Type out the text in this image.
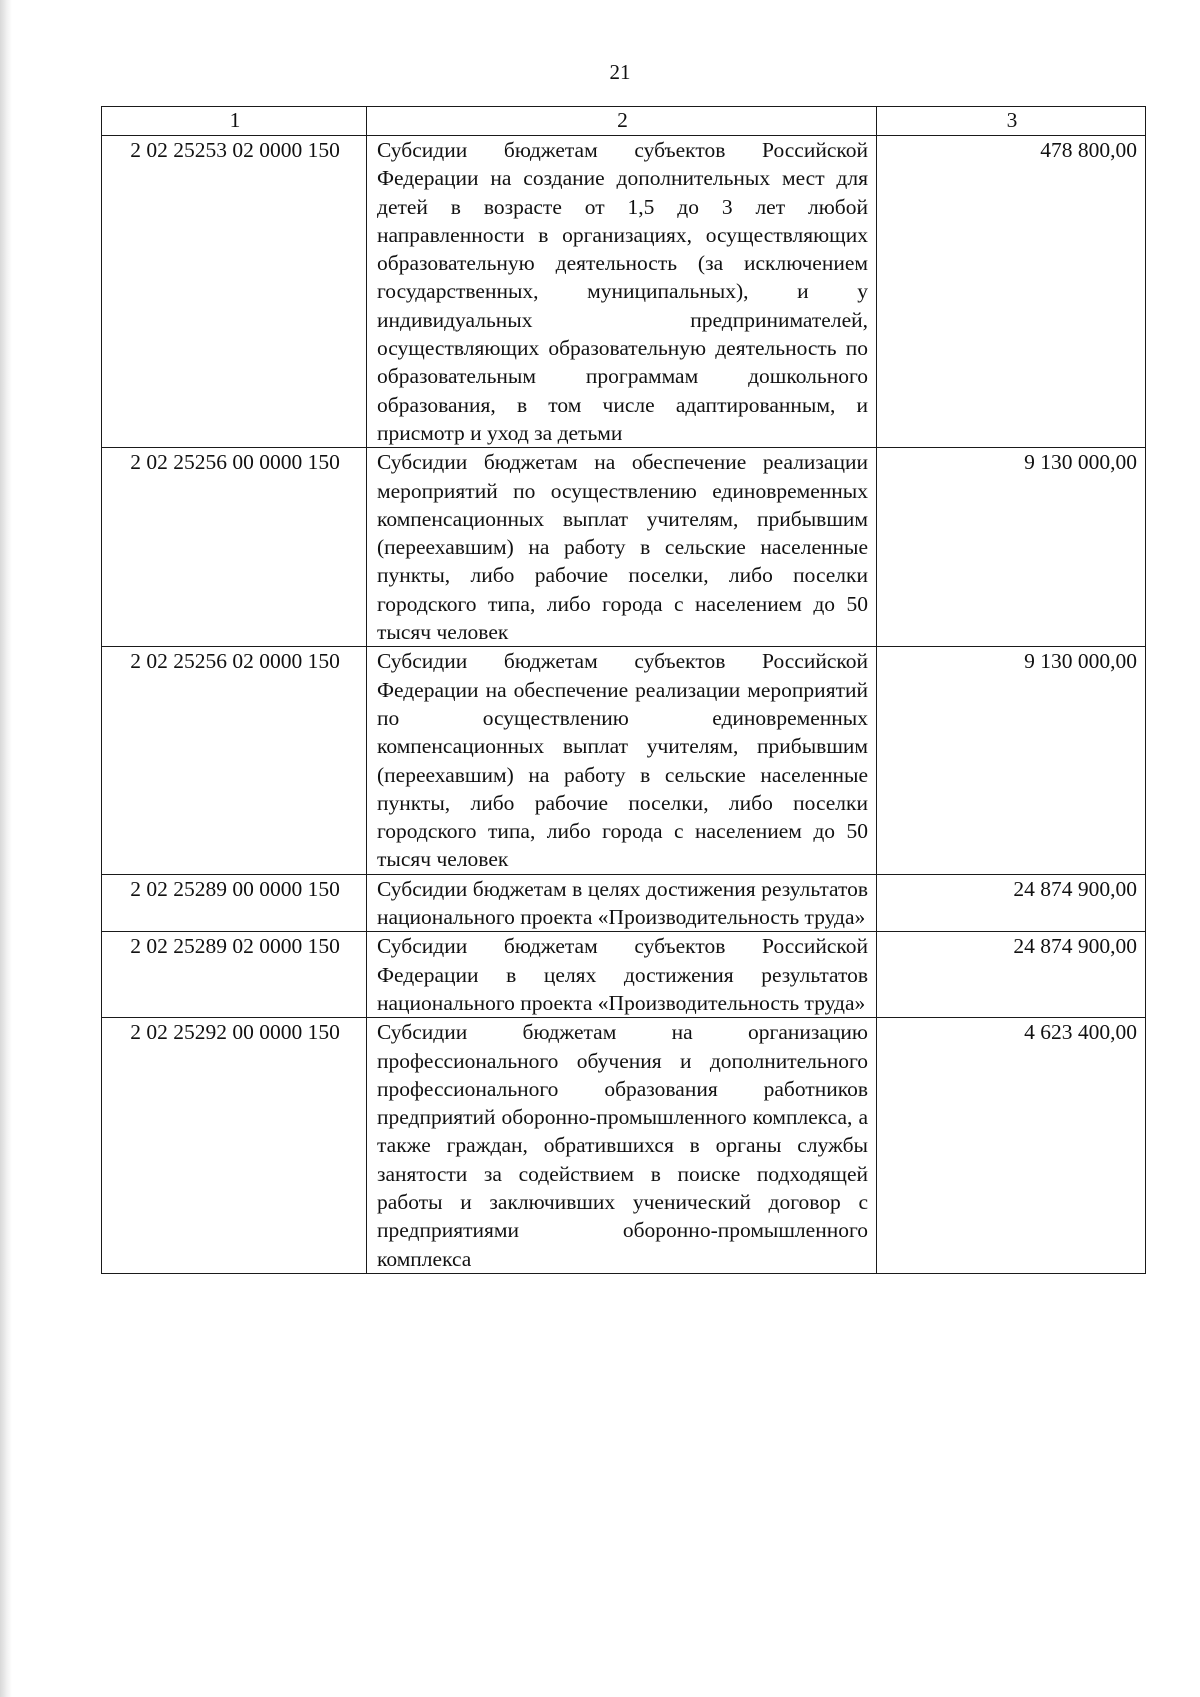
21
1	2	3
2 02 25253 02 0000 150	Субсидии бюджетам субъектов Российской Федерации на создание дополнительных мест для детей в возрасте от 1,5 до 3 лет любой направленности в организациях, осуществляющих образовательную деятельность (за исключением государственных, муниципальных), и у индивидуальных предпринимателей, осуществляющих образовательную деятельность по образовательным программам дошкольного образования, в том числе адаптированным, и присмотр и уход за детьми	478 800,00
2 02 25256 00 0000 150	Субсидии бюджетам на обеспечение реализации мероприятий по осуществлению единовременных компенсационных выплат учителям, прибывшим (переехавшим) на работу в сельские населенные пункты, либо рабочие поселки, либо поселки городского типа, либо города с населением до 50 тысяч человек	9 130 000,00
2 02 25256 02 0000 150	Субсидии бюджетам субъектов Российской Федерации на обеспечение реализации мероприятий по осуществлению единовременных компенсационных выплат учителям, прибывшим (переехавшим) на работу в сельские населенные пункты, либо рабочие поселки, либо поселки городского типа, либо города с населением до 50 тысяч человек	9 130 000,00
2 02 25289 00 0000 150	Субсидии бюджетам в целях достижения результатов национального проекта «Производительность труда»	24 874 900,00
2 02 25289 02 0000 150	Субсидии бюджетам субъектов Российской Федерации в целях достижения результатов национального проекта «Производительность труда»	24 874 900,00
2 02 25292 00 0000 150	Субсидии бюджетам на организацию профессионального обучения и дополнительного профессионального образования работников предприятий оборонно-промышленного комплекса, а также граждан, обратившихся в органы службы занятости за содействием в поиске подходящей работы и заключивших ученический договор с предприятиями оборонно-промышленного комплекса	4 623 400,00
